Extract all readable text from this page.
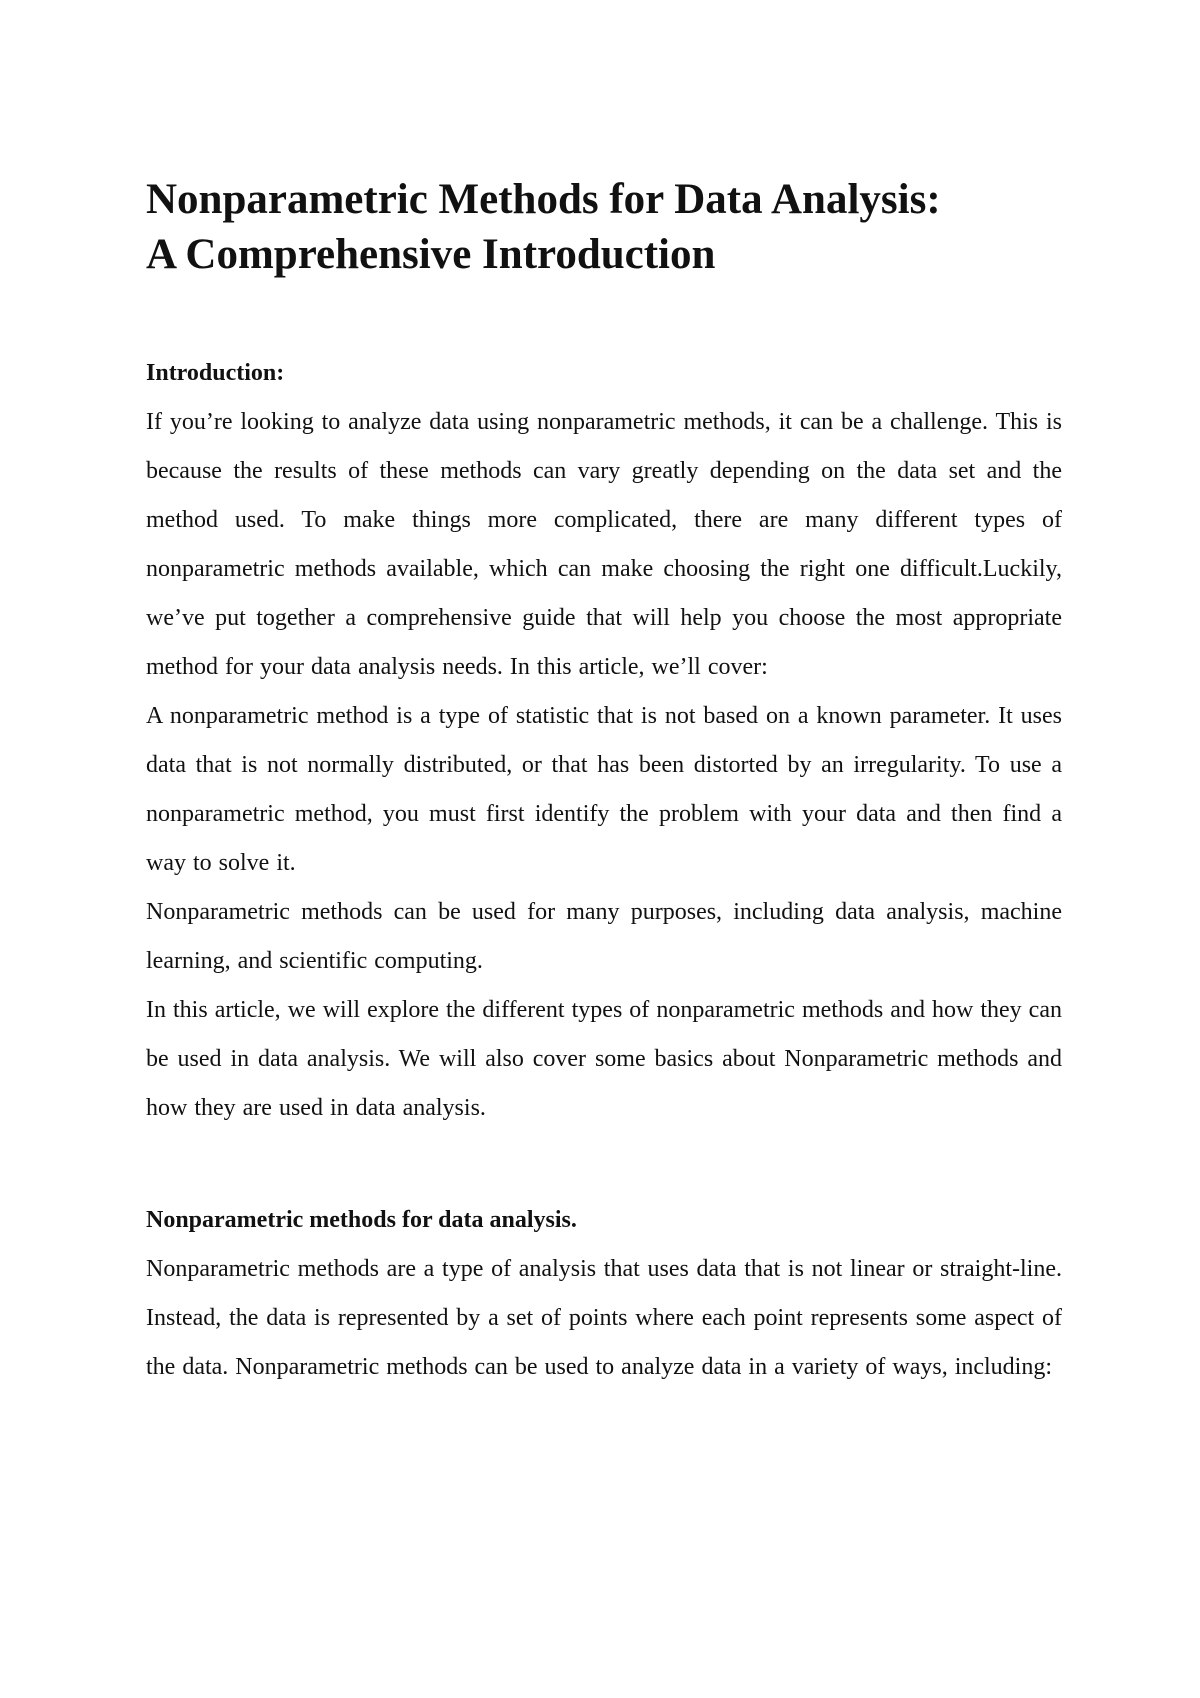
Nonparametric Methods for Data Analysis:
A Comprehensive Introduction
Introduction:

If you’re looking to analyze data using nonparametric methods, it can be a challenge. This is because the results of these methods can vary greatly depending on the data set and the method used. To make things more complicated, there are many different types of nonparametric methods available, which can make choosing the right one difficult.Luckily, we’ve put together a comprehensive guide that will help you choose the most appropriate method for your data analysis needs. In this article, we’ll cover:

A nonparametric method is a type of statistic that is not based on a known parameter. It uses data that is not normally distributed, or that has been distorted by an irregularity. To use a nonparametric method, you must first identify the problem with your data and then find a way to solve it.

Nonparametric methods can be used for many purposes, including data analysis, machine learning, and scientific computing.

In this article, we will explore the different types of nonparametric methods and how they can be used in data analysis. We will also cover some basics about Nonparametric methods and how they are used in data analysis.

Nonparametric methods for data analysis.

Nonparametric methods are a type of analysis that uses data that is not linear or straight-line. Instead, the data is represented by a set of points where each point represents some aspect of the data. Nonparametric methods can be used to analyze data in a variety of ways, including:
